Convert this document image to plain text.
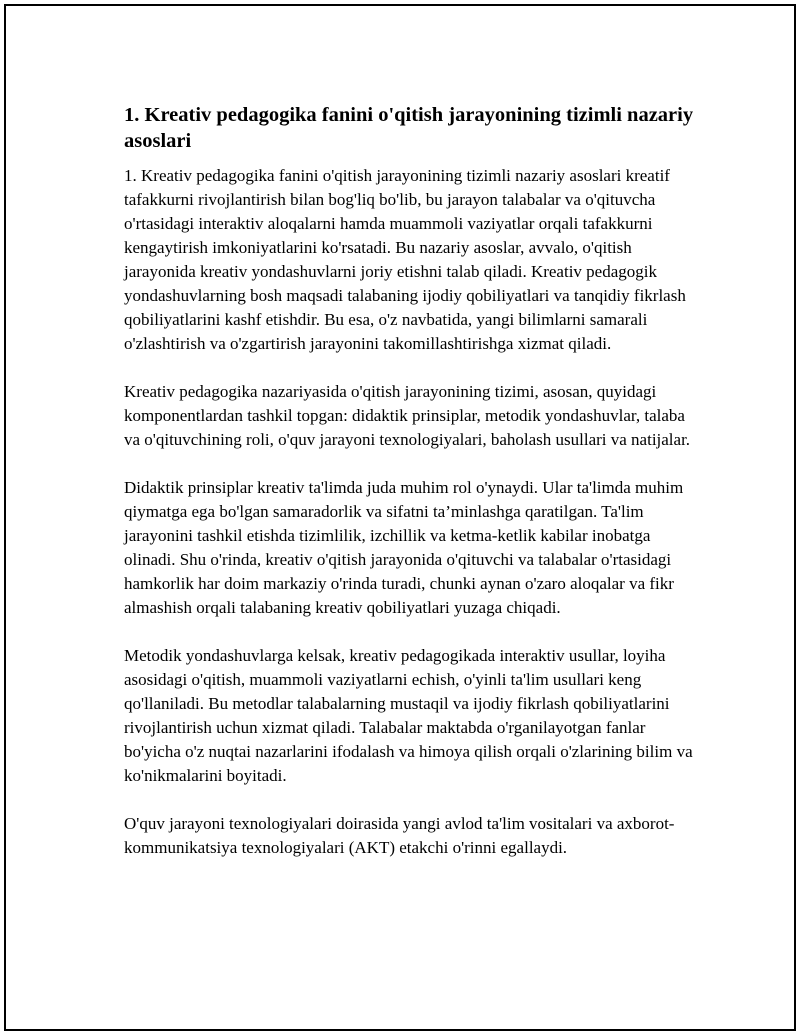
1. Kreativ pedagogika fanini o'qitish jarayonining tizimli nazariy asoslari

1. Kreativ pedagogika fanini o'qitish jarayonining tizimli nazariy asoslari kreatif tafakkurni rivojlantirish bilan bog'liq bo'lib, bu jarayon talabalar va o'qituvcha o'rtasidagi interaktiv aloqalarni hamda muammoli vaziyatlar orqali tafakkurni kengaytirish imkoniyatlarini ko'rsatadi. Bu nazariy asoslar, avvalo, o'qitish jarayonida kreativ yondashuvlarni joriy etishni talab qiladi. Kreativ pedagogik yondashuvlarning bosh maqsadi talabaning ijodiy qobiliyatlari va tanqidiy fikrlash qobiliyatlarini kashf etishdir. Bu esa, o'z navbatida, yangi bilimlarni samarali o'zlashtirish va o'zgartirish jarayonini takomillashtirishga xizmat qiladi.

Kreativ pedagogika nazariyasida o'qitish jarayonining tizimi, asosan, quyidagi komponentlardan tashkil topgan: didaktik prinsiplar, metodik yondashuvlar, talaba va o'qituvchining roli, o'quv jarayoni texnologiyalari, baholash usullari va natijalar.

Didaktik prinsiplar kreativ ta'limda juda muhim rol o'ynaydi. Ular ta'limda muhim qiymatga ega bo'lgan samaradorlik va sifatni ta’minlashga qaratilgan. Ta'lim jarayonini tashkil etishda tizimlilik, izchillik va ketma-ketlik kabilar inobatga olinadi. Shu o'rinda, kreativ o'qitish jarayonida o'qituvchi va talabalar o'rtasidagi hamkorlik har doim markaziy o'rinda turadi, chunki aynan o'zaro aloqalar va fikr almashish orqali talabaning kreativ qobiliyatlari yuzaga chiqadi.

Metodik yondashuvlarga kelsak, kreativ pedagogikada interaktiv usullar, loyiha asosidagi o'qitish, muammoli vaziyatlarni echish, o'yinli ta'lim usullari keng qo'llaniladi. Bu metodlar talabalarning mustaqil va ijodiy fikrlash qobiliyatlarini rivojlantirish uchun xizmat qiladi. Talabalar maktabda o'rganilayotgan fanlar bo'yicha o'z nuqtai nazarlarini ifodalash va himoya qilish orqali o'zlarining bilim va ko'nikmalarini boyitadi.

O'quv jarayoni texnologiyalari doirasida yangi avlod ta'lim vositalari va axborot-kommunikatsiya texnologiyalari (AKT) etakchi o'rinni egallaydi.
